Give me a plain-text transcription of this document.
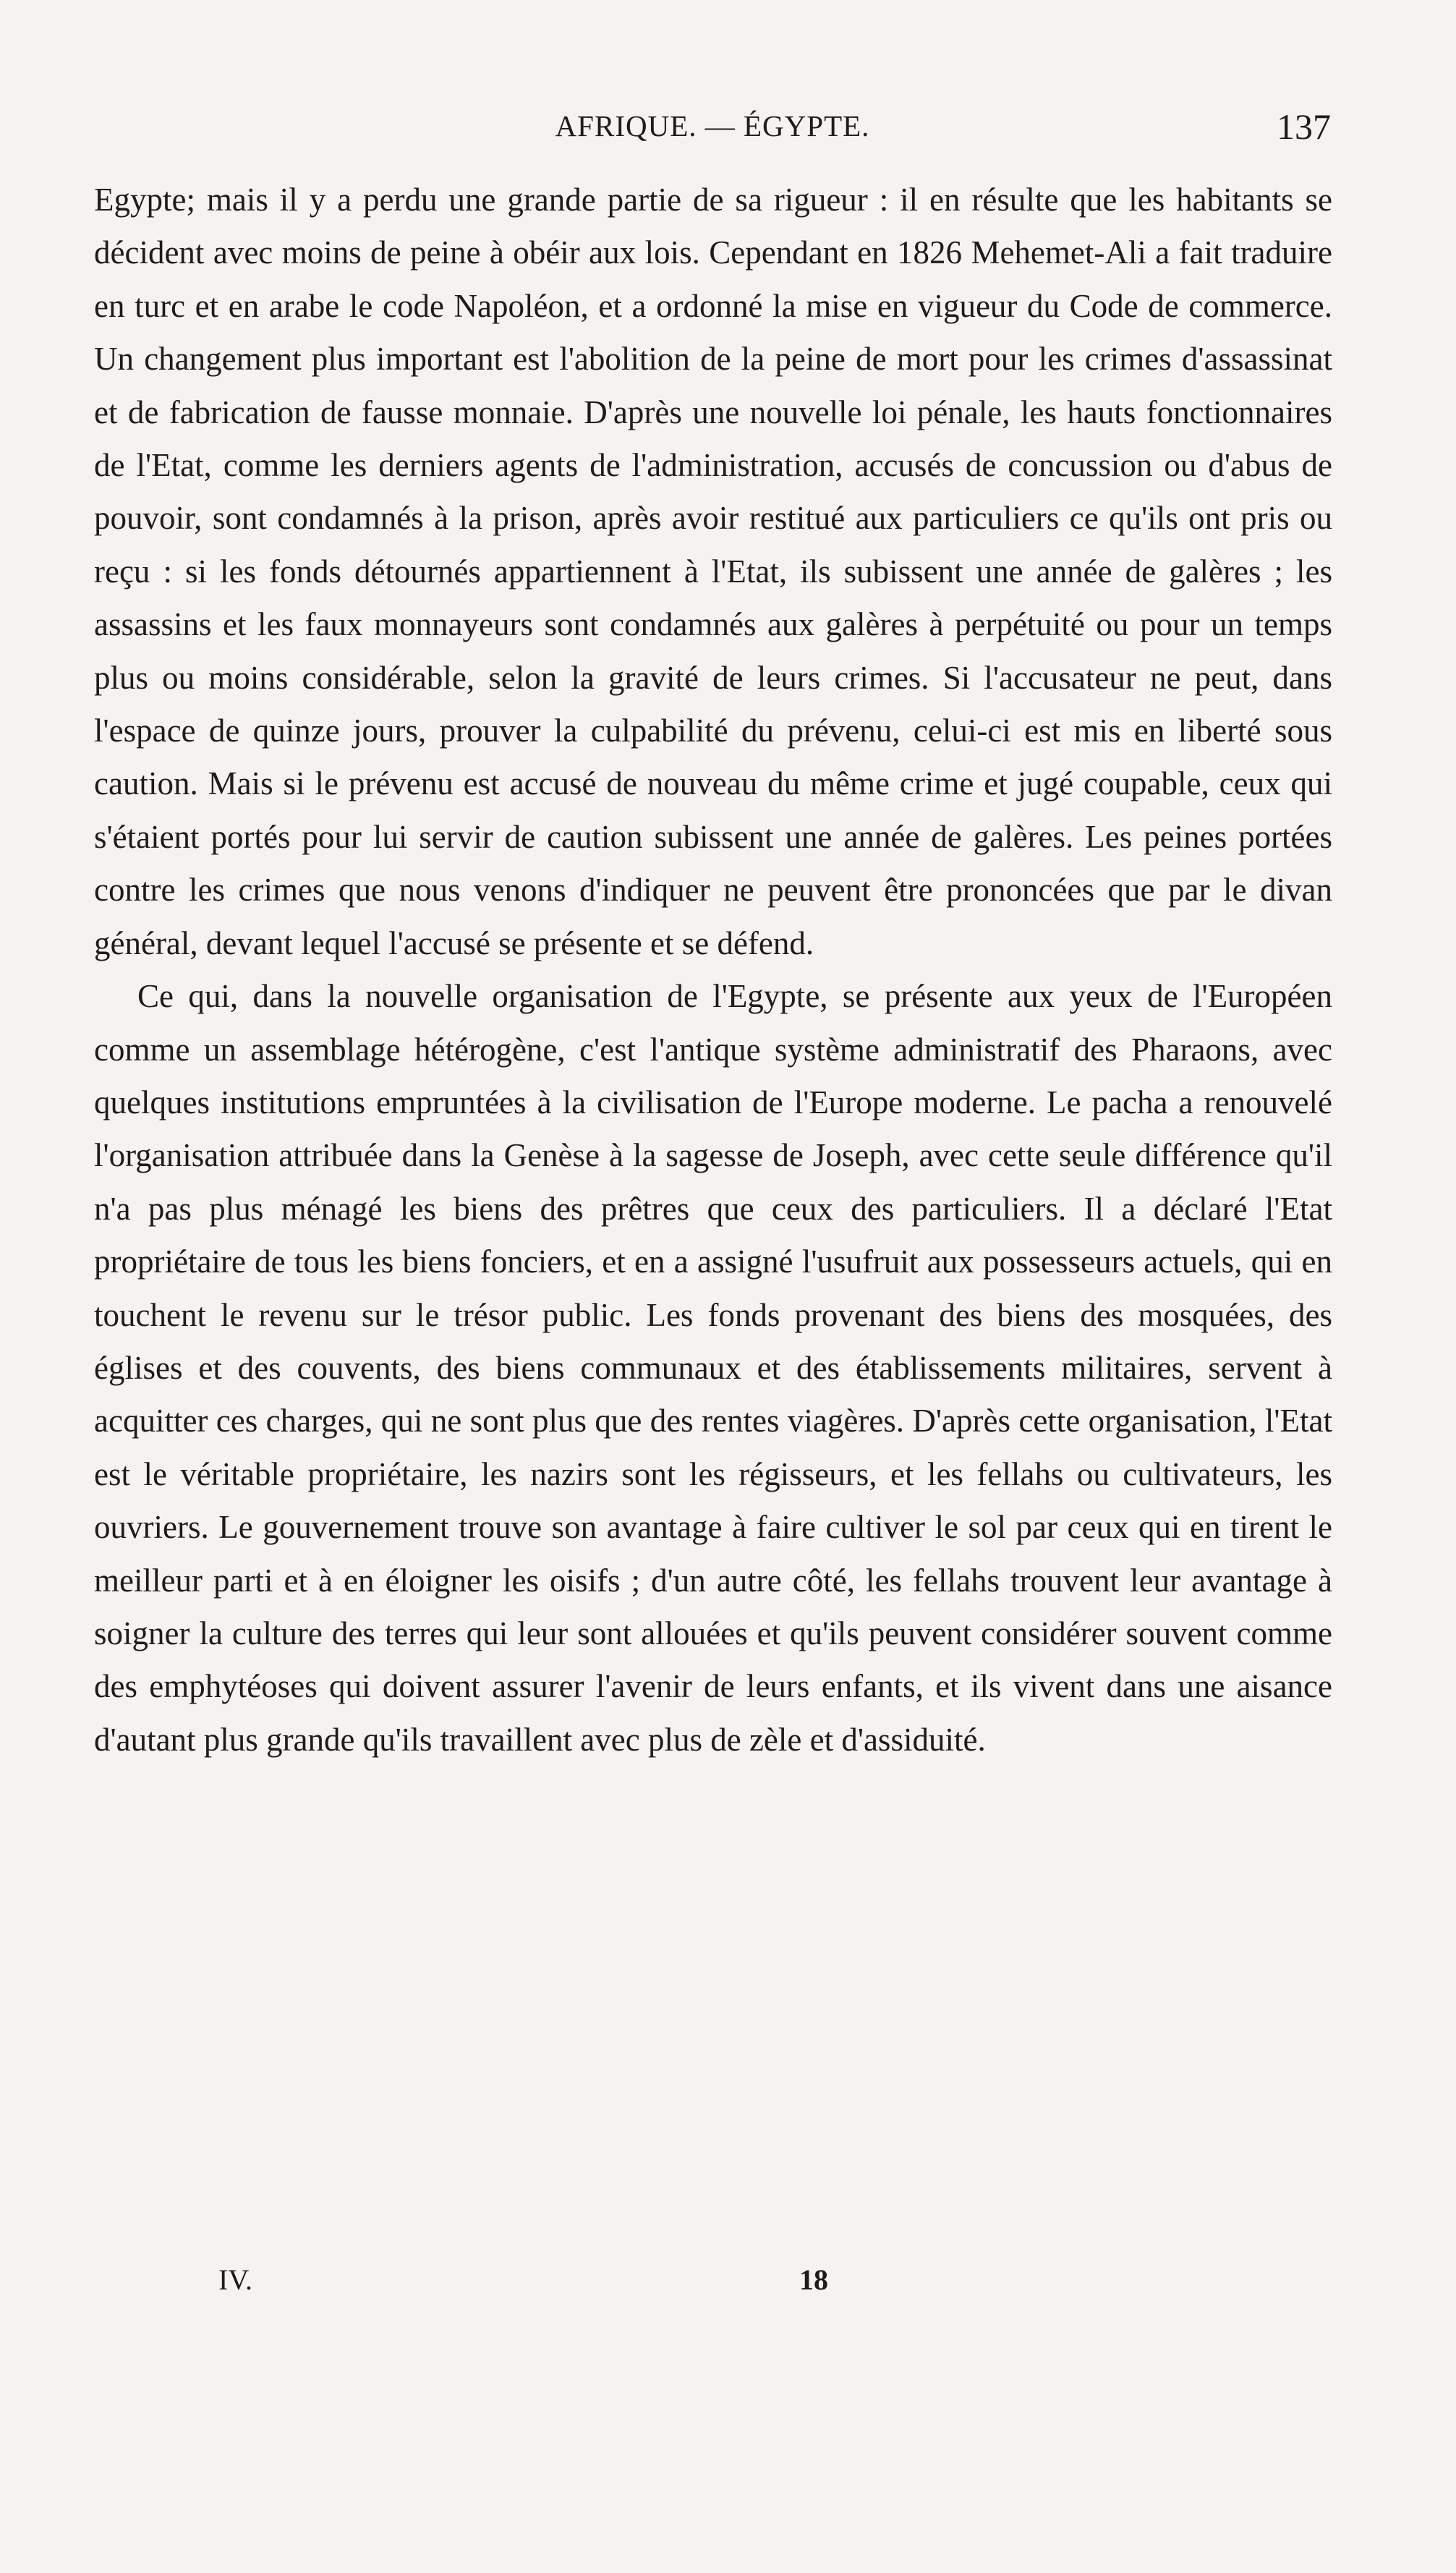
AFRIQUE. — ÉGYPTE.	137

Egypte; mais il y a perdu une grande partie de sa rigueur : il en résulte que les habitants se décident avec moins de peine à obéir aux lois. Cependant en 1826 Mehemet-Ali a fait traduire en turc et en arabe le code Napoléon, et a ordonné la mise en vigueur du Code de commerce. Un changement plus important est l'abolition de la peine de mort pour les crimes d'assassinat et de fabrication de fausse monnaie. D'après une nouvelle loi pénale, les hauts fonctionnaires de l'Etat, comme les derniers agents de l'administration, accusés de concussion ou d'abus de pouvoir, sont condamnés à la prison, après avoir restitué aux particuliers ce qu'ils ont pris ou reçu : si les fonds détournés appartiennent à l'Etat, ils subissent une année de galères ; les assassins et les faux monnayeurs sont condamnés aux galères à perpétuité ou pour un temps plus ou moins considérable, selon la gravité de leurs crimes. Si l'accusateur ne peut, dans l'espace de quinze jours, prouver la culpabilité du prévenu, celui-ci est mis en liberté sous caution. Mais si le prévenu est accusé de nouveau du même crime et jugé coupable, ceux qui s'étaient portés pour lui servir de caution subissent une année de galères. Les peines portées contre les crimes que nous venons d'indiquer ne peuvent être prononcées que par le divan général, devant lequel l'accusé se présente et se défend.

Ce qui, dans la nouvelle organisation de l'Egypte, se présente aux yeux de l'Européen comme un assemblage hétérogène, c'est l'antique système administratif des Pharaons, avec quelques institutions empruntées à la civilisation de l'Europe moderne. Le pacha a renouvelé l'organisation attribuée dans la Genèse à la sagesse de Joseph, avec cette seule différence qu'il n'a pas plus ménagé les biens des prêtres que ceux des particuliers. Il a déclaré l'Etat propriétaire de tous les biens fonciers, et en a assigné l'usufruit aux possesseurs actuels, qui en touchent le revenu sur le trésor public. Les fonds provenant des biens des mosquées, des églises et des couvents, des biens communaux et des établissements militaires, servent à acquitter ces charges, qui ne sont plus que des rentes viagères. D'après cette organisation, l'Etat est le véritable propriétaire, les nazirs sont les régisseurs, et les fellahs ou cultivateurs, les ouvriers. Le gouvernement trouve son avantage à faire cultiver le sol par ceux qui en tirent le meilleur parti et à en éloigner les oisifs ; d'un autre côté, les fellahs trouvent leur avantage à soigner la culture des terres qui leur sont allouées et qu'ils peuvent considérer souvent comme des emphytéoses qui doivent assurer l'avenir de leurs enfants, et ils vivent dans une aisance d'autant plus grande qu'ils travaillent avec plus de zèle et d'assiduité.

IV.	18
